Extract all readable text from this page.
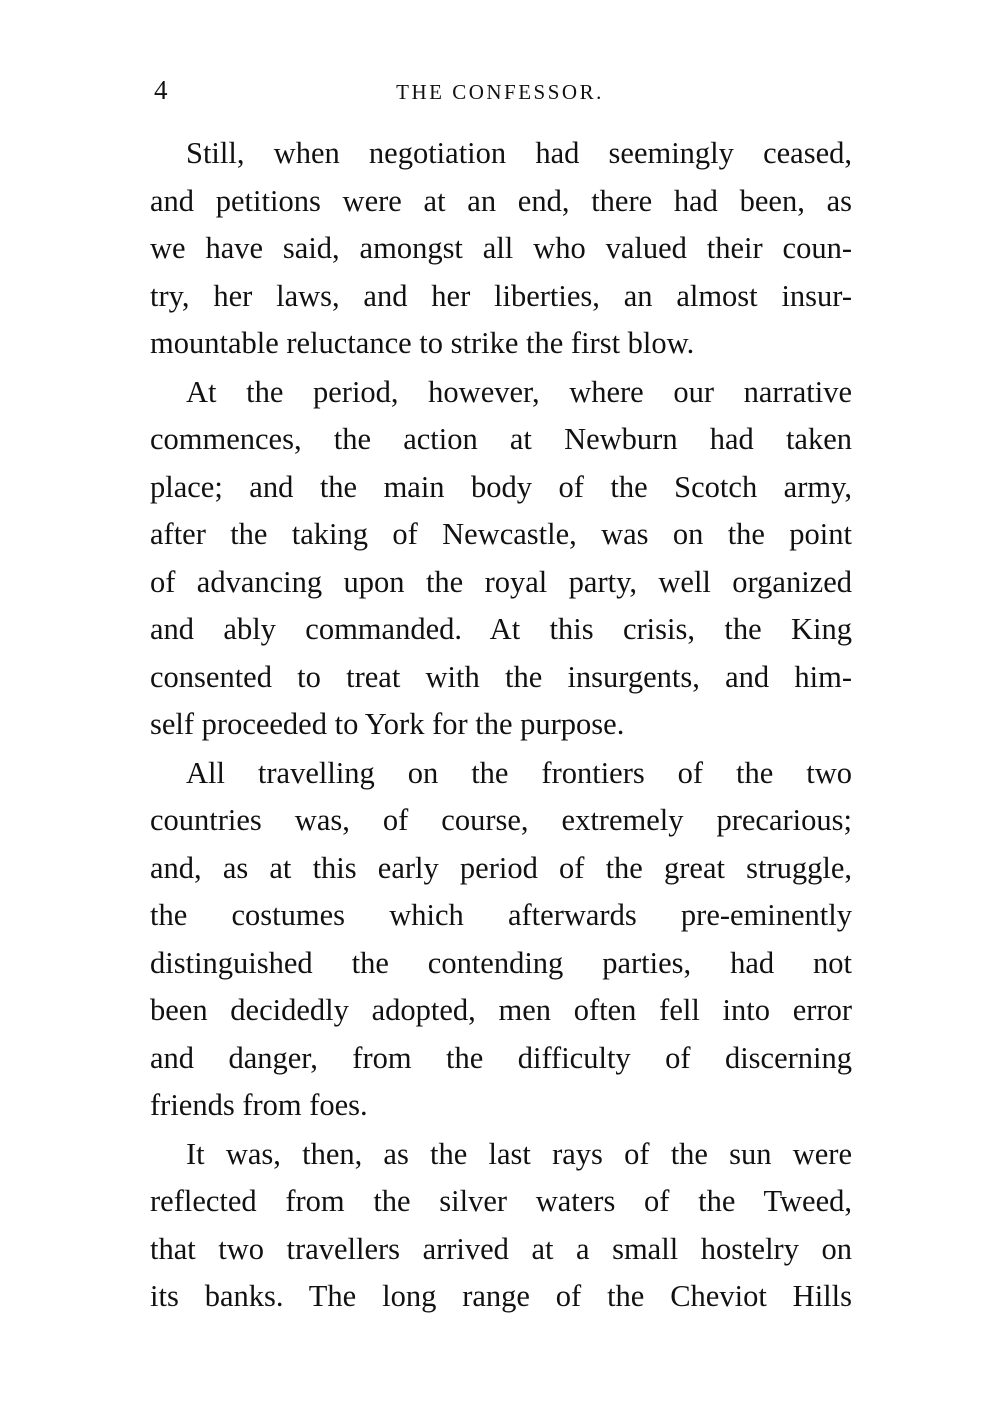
4	THE CONFESSOR.

Still, when negotiation had seemingly ceased,
and petitions were at an end, there had been, as
we have said, amongst all who valued their coun-
try, her laws, and her liberties, an almost insur-
mountable reluctance to strike the first blow.

At the period, however, where our narrative
commences, the action at Newburn had taken
place; and the main body of the Scotch army,
after the taking of Newcastle, was on the point
of advancing upon the royal party, well organized
and ably commanded. At this crisis, the King
consented to treat with the insurgents, and him-
self proceeded to York for the purpose.

All travelling on the frontiers of the two
countries was, of course, extremely precarious;
and, as at this early period of the great struggle,
the costumes which afterwards pre-eminently
distinguished the contending parties, had not
been decidedly adopted, men often fell into error
and danger, from the difficulty of discerning
friends from foes.

It was, then, as the last rays of the sun were
reflected from the silver waters of the Tweed,
that two travellers arrived at a small hostelry on
its banks. The long range of the Cheviot Hills
